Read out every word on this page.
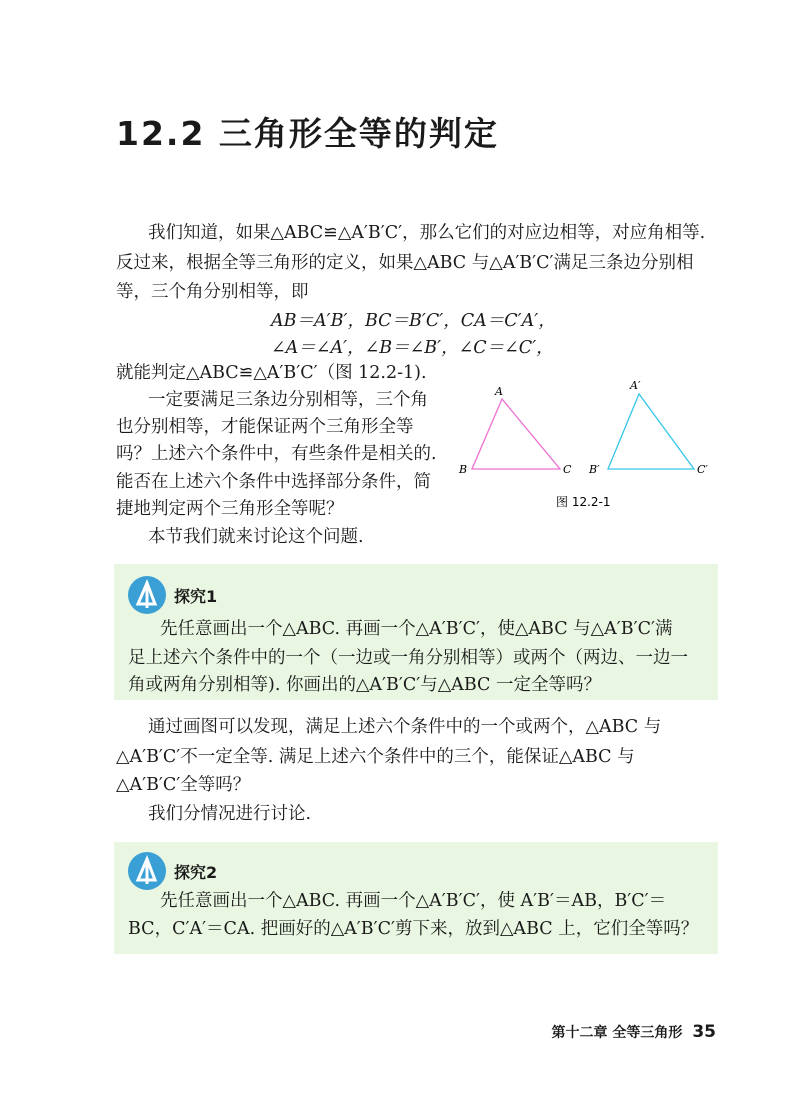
12.2 三角形全等的判定
我们知道，如果△ABC≌△A′B′C′，那么它们的对应边相等，对应角相等.
反过来，根据全等三角形的定义，如果△ABC 与△A′B′C′满足三条边分别相
等，三个角分别相等，即
AB＝A′B′，BC＝B′C′，CA＝C′A′，
∠A＝∠A′，∠B＝∠B′，∠C＝∠C′，
就能判定△ABC≌△A′B′C′（图 12.2-1).
一定要满足三条边分别相等，三个角
也分别相等，才能保证两个三角形全等
吗？上述六个条件中，有些条件是相关的.
能否在上述六个条件中选择部分条件，简
捷地判定两个三角形全等呢？
本节我们就来讨论这个问题.
A
B	C
A′
B′	C′
图 12.2-1
探究1
先任意画出一个△ABC. 再画一个△A′B′C′，使△ABC 与△A′B′C′满
足上述六个条件中的一个（一边或一角分别相等）或两个（两边、一边一
角或两角分别相等). 你画出的△A′B′C′与△ABC 一定全等吗？
通过画图可以发现，满足上述六个条件中的一个或两个，△ABC 与
△A′B′C′不一定全等. 满足上述六个条件中的三个，能保证△ABC 与
△A′B′C′全等吗？
我们分情况进行讨论.
探究2
先任意画出一个△ABC. 再画一个△A′B′C′，使 A′B′＝AB，B′C′＝
BC，C′A′＝CA. 把画好的△A′B′C′剪下来，放到△ABC 上，它们全等吗？
第十二章 全等三角形 35
